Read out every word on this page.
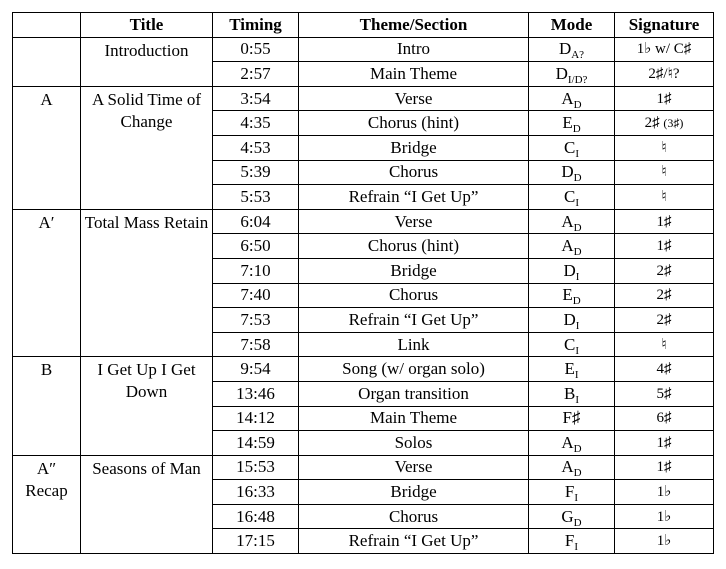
	Title	Timing	Theme/Section	Mode	Signature
	Introduction	0:55	Intro	$D_{A?}$	1♭ w/ C♯
		2:57	Main Theme	$D_{I/D?}$	2♯/♮?
A	A Solid Time of Change	3:54	Verse	$A_D$	1♯
		4:35	Chorus (hint)	$E_D$	2♯ (3♯)
		4:53	Bridge	$C_I$	♮
		5:39	Chorus	$D_D$	♮
		5:53	Refrain “I Get Up”	$C_I$	♮
A′	Total Mass Retain	6:04	Verse	$A_D$	1♯
		6:50	Chorus (hint)	$A_D$	1♯
		7:10	Bridge	$D_I$	2♯
		7:40	Chorus	$E_D$	2♯
		7:53	Refrain “I Get Up”	$D_I$	2♯
		7:58	Link	$C_I$	♮
B	I Get Up I Get Down	9:54	Song (w/ organ solo)	$E_I$	4♯
		13:46	Organ transition	$B_I$	5♯
		14:12	Main Theme	F♯	6♯
		14:59	Solos	$A_D$	1♯
A″ Recap	Seasons of Man	15:53	Verse	$A_D$	1♯
		16:33	Bridge	$F_I$	1♭
		16:48	Chorus	$G_D$	1♭
		17:15	Refrain “I Get Up”	$F_I$	1♭
